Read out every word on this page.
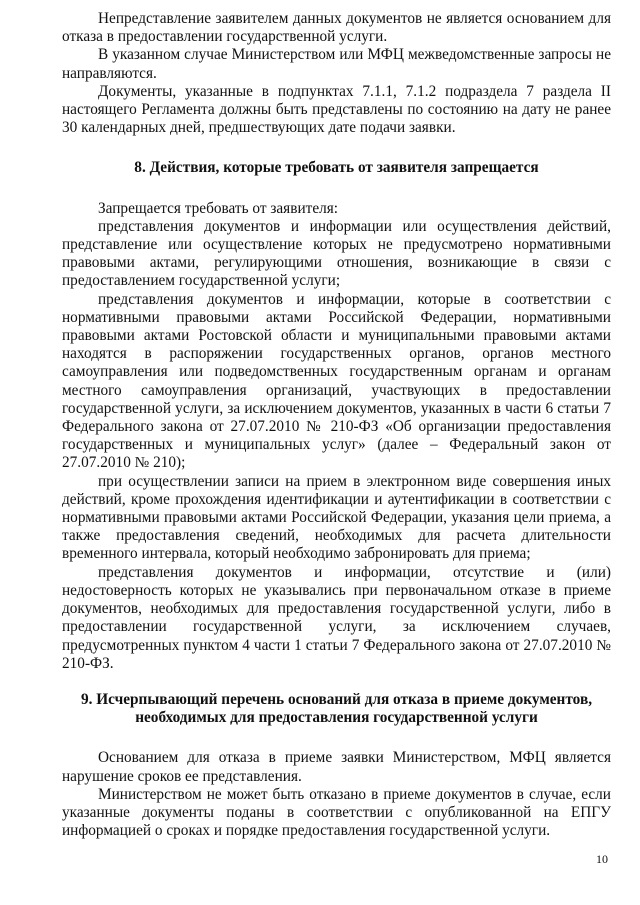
Непредставление заявителем данных документов не является основанием для отказа в предоставлении государственной услуги.

В указанном случае Министерством или МФЦ межведомственные запросы не направляются.

Документы, указанные в подпунктах 7.1.1, 7.1.2 подраздела 7 раздела II настоящего Регламента должны быть представлены по состоянию на дату не ранее 30 календарных дней, предшествующих дате подачи заявки.

8. Действия, которые требовать от заявителя запрещается

Запрещается требовать от заявителя:

представления документов и информации или осуществления действий, представление или осуществление которых не предусмотрено нормативными правовыми актами, регулирующими отношения, возникающие в связи с предоставлением государственной услуги;

представления документов и информации, которые в соответствии с нормативными правовыми актами Российской Федерации, нормативными правовыми актами Ростовской области и муниципальными правовыми актами находятся в распоряжении государственных органов, органов местного самоуправления или подведомственных государственным органам и органам местного самоуправления организаций, участвующих в предоставлении государственной услуги, за исключением документов, указанных в части 6 статьи 7 Федерального закона от 27.07.2010 № 210-ФЗ «Об организации предоставления государственных и муниципальных услуг» (далее – Федеральный закон от 27.07.2010 № 210);

при осуществлении записи на прием в электронном виде совершения иных действий, кроме прохождения идентификации и аутентификации в соответствии с нормативными правовыми актами Российской Федерации, указания цели приема, а также предоставления сведений, необходимых для расчета длительности временного интервала, который необходимо забронировать для приема;

представления документов и информации, отсутствие и (или) недостоверность которых не указывались при первоначальном отказе в приеме документов, необходимых для предоставления государственной услуги, либо в предоставлении государственной услуги, за исключением случаев, предусмотренных пунктом 4 части 1 статьи 7 Федерального закона от 27.07.2010 № 210-ФЗ.

9. Исчерпывающий перечень оснований для отказа в приеме документов,

необходимых для предоставления государственной услуги

Основанием для отказа в приеме заявки Министерством, МФЦ является нарушение сроков ее представления.

Министерством не может быть отказано в приеме документов в случае, если указанные документы поданы в соответствии с опубликованной на ЕПГУ информацией о сроках и порядке предоставления государственной услуги.

10
